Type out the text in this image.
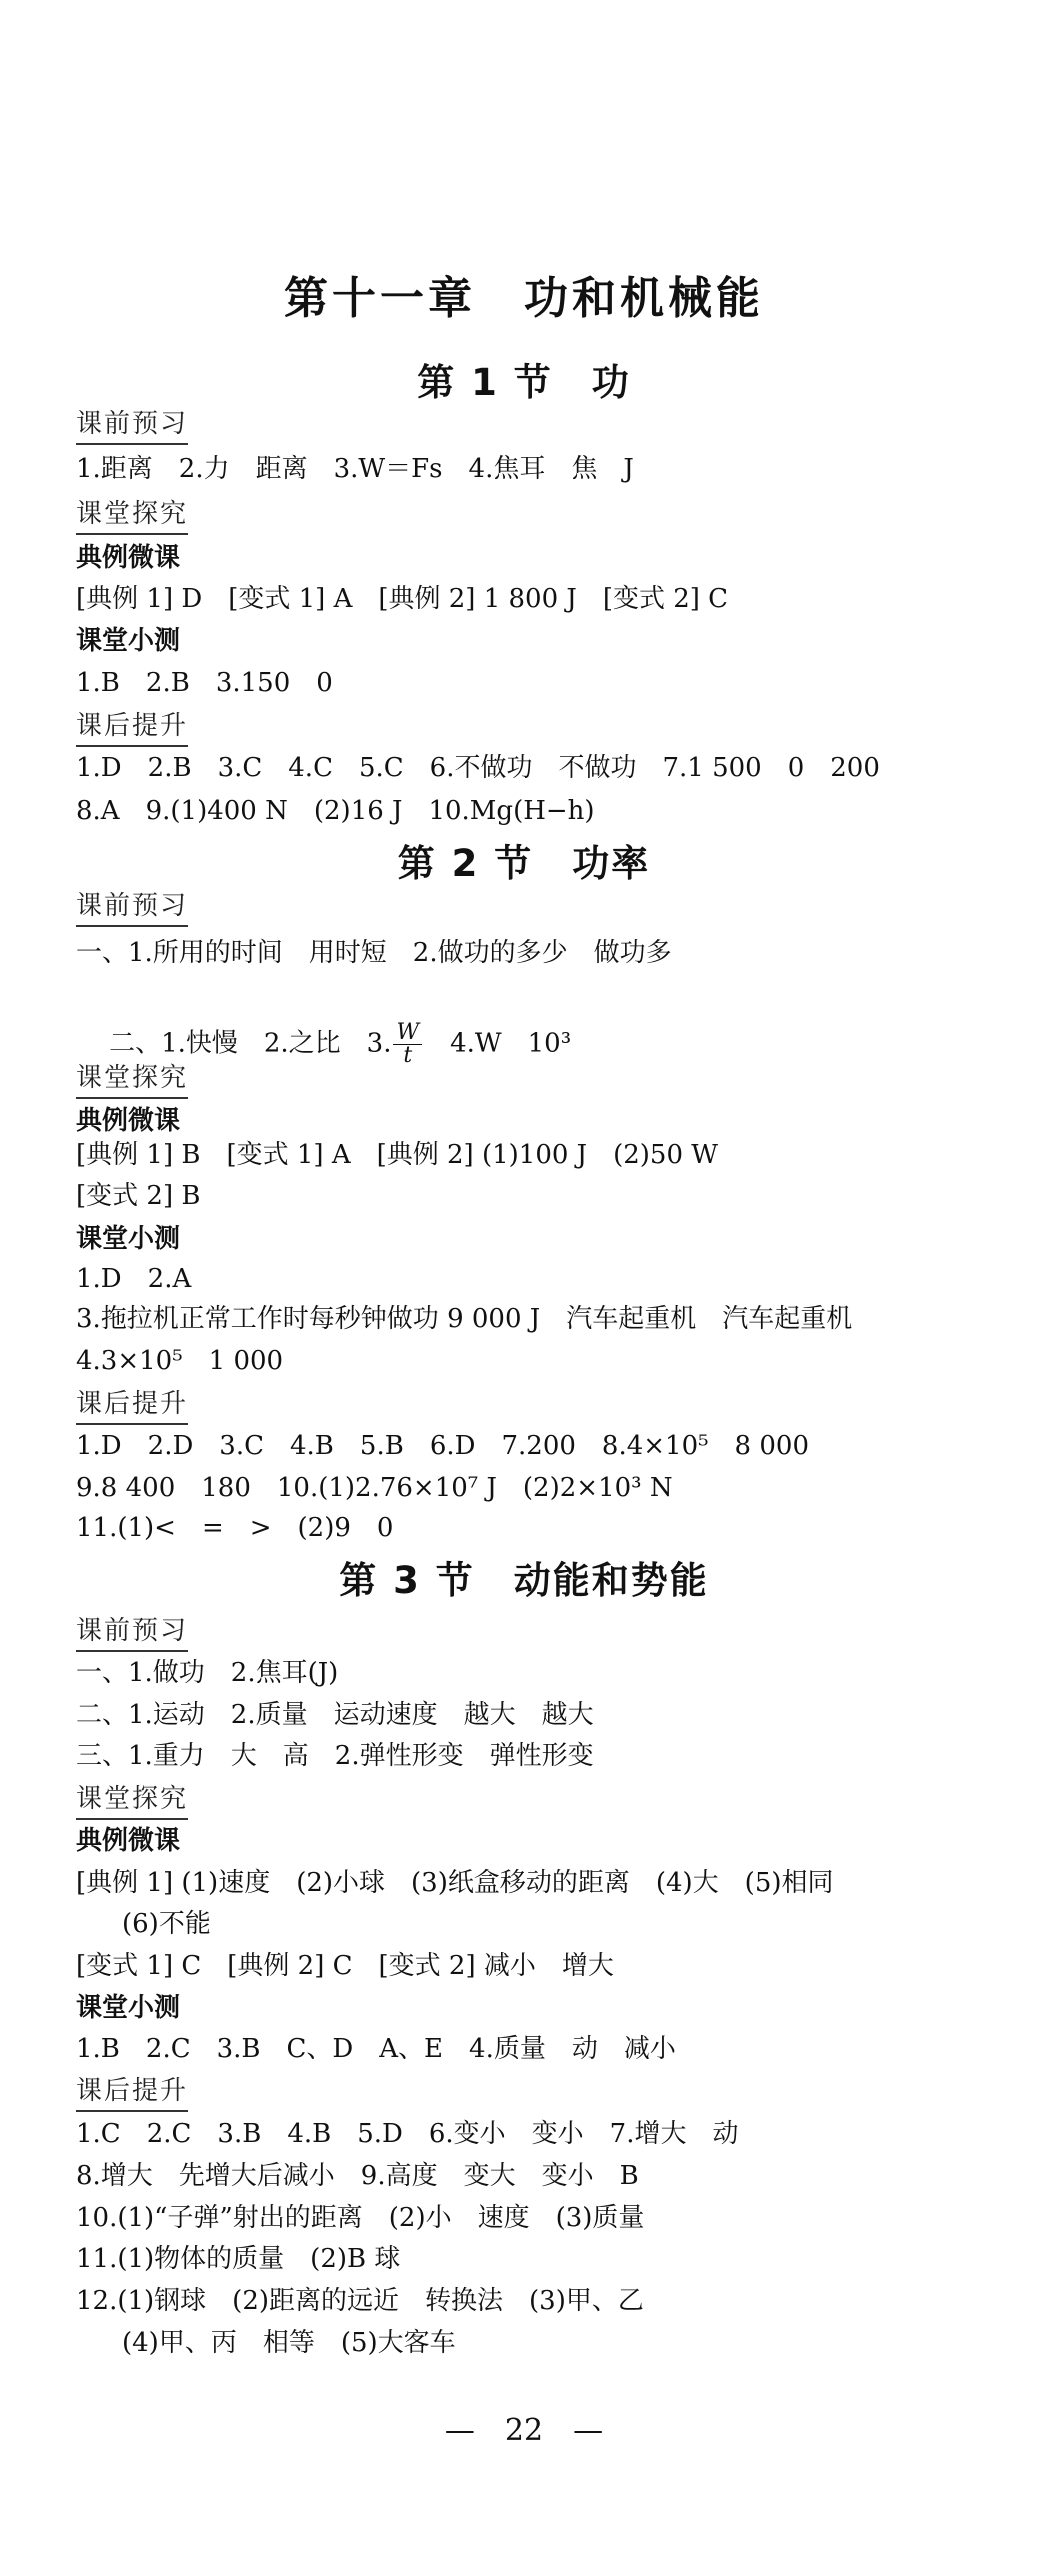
第十一章　功和机械能
第 1 节　功
课前预习
1.距离　2.力　距离　3.W＝Fs　4.焦耳　焦　J
课堂探究
典例微课
[典例 1] D　[变式 1] A　[典例 2] 1 800 J　[变式 2] C
课堂小测
1.B　2.B　3.150　0
课后提升
1.D　2.B　3.C　4.C　5.C　6.不做功　不做功　7.1 500　0　200
8.A　9.(1)400 N　(2)16 J　10.Mg(H−h)
第 2 节　功率
课前预习
一、1.所用的时间　用时短　2.做功的多少　做功多

二、1.快慢　2.之比　3. $\frac{W}{t}$ 　4.W　10³

课堂探究
典例微课
[典例 1] B　[变式 1] A　[典例 2] (1)100 J　(2)50 W
[变式 2] B
课堂小测
1.D　2.A
3.拖拉机正常工作时每秒钟做功 9 000 J　汽车起重机　汽车起重机
4.3×10⁵　1 000
课后提升
1.D　2.D　3.C　4.B　5.B　6.D　7.200　8.4×10⁵　8 000
9.8 400　180　10.(1)2.76×10⁷ J　(2)2×10³ N
11.(1)<　=　>　(2)9　0
第 3 节　动能和势能
课前预习
一、1.做功　2.焦耳(J)
二、1.运动　2.质量　运动速度　越大　越大
三、1.重力　大　高　2.弹性形变　弹性形变
课堂探究
典例微课
[典例 1] (1)速度　(2)小球　(3)纸盒移动的距离　(4)大　(5)相同
(6)不能
[变式 1] C　[典例 2] C　[变式 2] 减小　增大
课堂小测
1.B　2.C　3.B　C、D　A、E　4.质量　动　减小
课后提升
1.C　2.C　3.B　4.B　5.D　6.变小　变小　7.增大　动
8.增大　先增大后减小　9.高度　变大　变小　B
10.(1)“子弹”射出的距离　(2)小　速度　(3)质量
11.(1)物体的质量　(2)B 球
12.(1)钢球　(2)距离的远近　转换法　(3)甲、乙
(4)甲、丙　相等　(5)大客车
—　22　—
